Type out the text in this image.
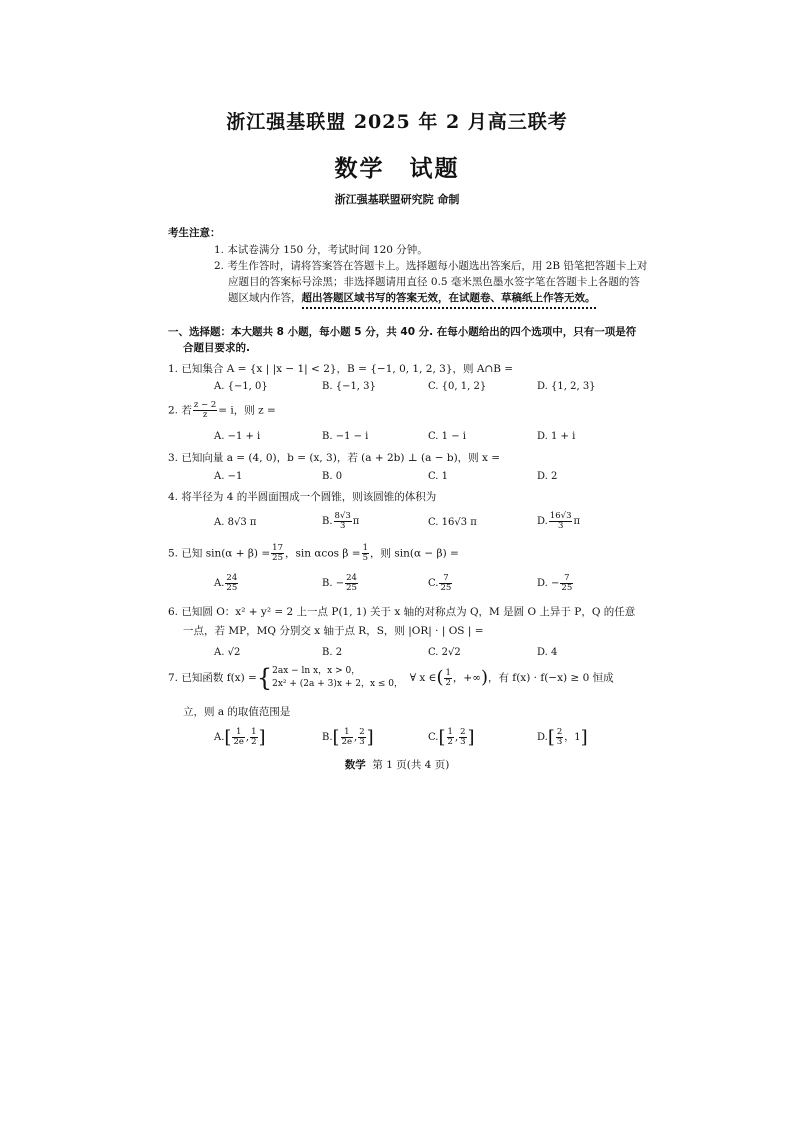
浙江强基联盟 2025 年 2 月高三联考
数学　试题
浙江强基联盟研究院 命制
考生注意：
1. 本试卷满分 150 分，考试时间 120 分钟。
2. 考生作答时，请将答案答在答题卡上。选择题每小题选出答案后，用 2B 铅笔把答题卡上对
应题目的答案标号涂黑；非选择题请用直径 0.5 毫米黑色墨水签字笔在答题卡上各题的答
题区域内作答，超出答题区域书写的答案无效，在试题卷、草稿纸上作答无效。
一、选择题：本大题共 8 小题，每小题 5 分，共 40 分. 在每小题给出的四个选项中，只有一项是符
合题目要求的.
1. 已知集合 A = {x | |x − 1| < 2}，B = {−1, 0, 1, 2, 3}，则 A∩B =
A. {−1, 0}	B. {−1, 3}	C. {0, 1, 2}	D. {1, 2, 3}
2. 若 $\frac{z - 2}{z} = i$，则 z =
A. −1 + i	B. −1 − i	C. 1 − i	D. 1 + i
3. 已知向量 a = (4, 0)，b = (x, 3)，若 (a + 2b) ⊥ (a − b)，则 x =
A. −1	B. 0	C. 1	D. 2
4. 将半径为 4 的半圆面围成一个圆锥，则该圆锥的体积为
A. 8√3 π	B. $\frac{8√3}{3}$ π	C. 16√3 π	D. $\frac{16√3}{3}$ π
5. 已知 $\sin(\alpha + \beta) = \frac{17}{25}$ ，sin αcos $\beta = \frac{1}{5}$ ，则 sin(α − β) =
A. $\frac{24}{25}$	B. − $\frac{24}{25}$	C. $\frac{7}{25}$	D. − $\frac{7}{25}$
6. 已知圆 O：x² + y² = 2 上一点 P(1, 1) 关于 x 轴的对称点为 Q，M 是圆 O 上异于 P，Q 的任意
一点，若 MP，MQ 分别交 x 轴于点 R，S，则 |OR| · | OS | =
A. √2	B. 2	C. 2√2	D. 4
7. 已知函数 f(x) ={ 2ax − ln x，x > 0，
2x² + (2a + 3)x + 2，x ≤ 0， ∀ x ∈( $\frac{1}{2}$ ，+∞)，有 f(x) · f(−x) ≥ 0 恒成
立，则 a 的取值范围是
$A.[ \frac{1}{2e}$ , $\frac{1}{2}$ ]	$B.[ \frac{1}{2e}$ , $\frac{2}{3}$ ]	$C.[ \frac{1}{2}$ , $\frac{2}{3}$ ]	$D.[ \frac{2}{3}$ ，1]
数学 第 1 页(共 4 页)
